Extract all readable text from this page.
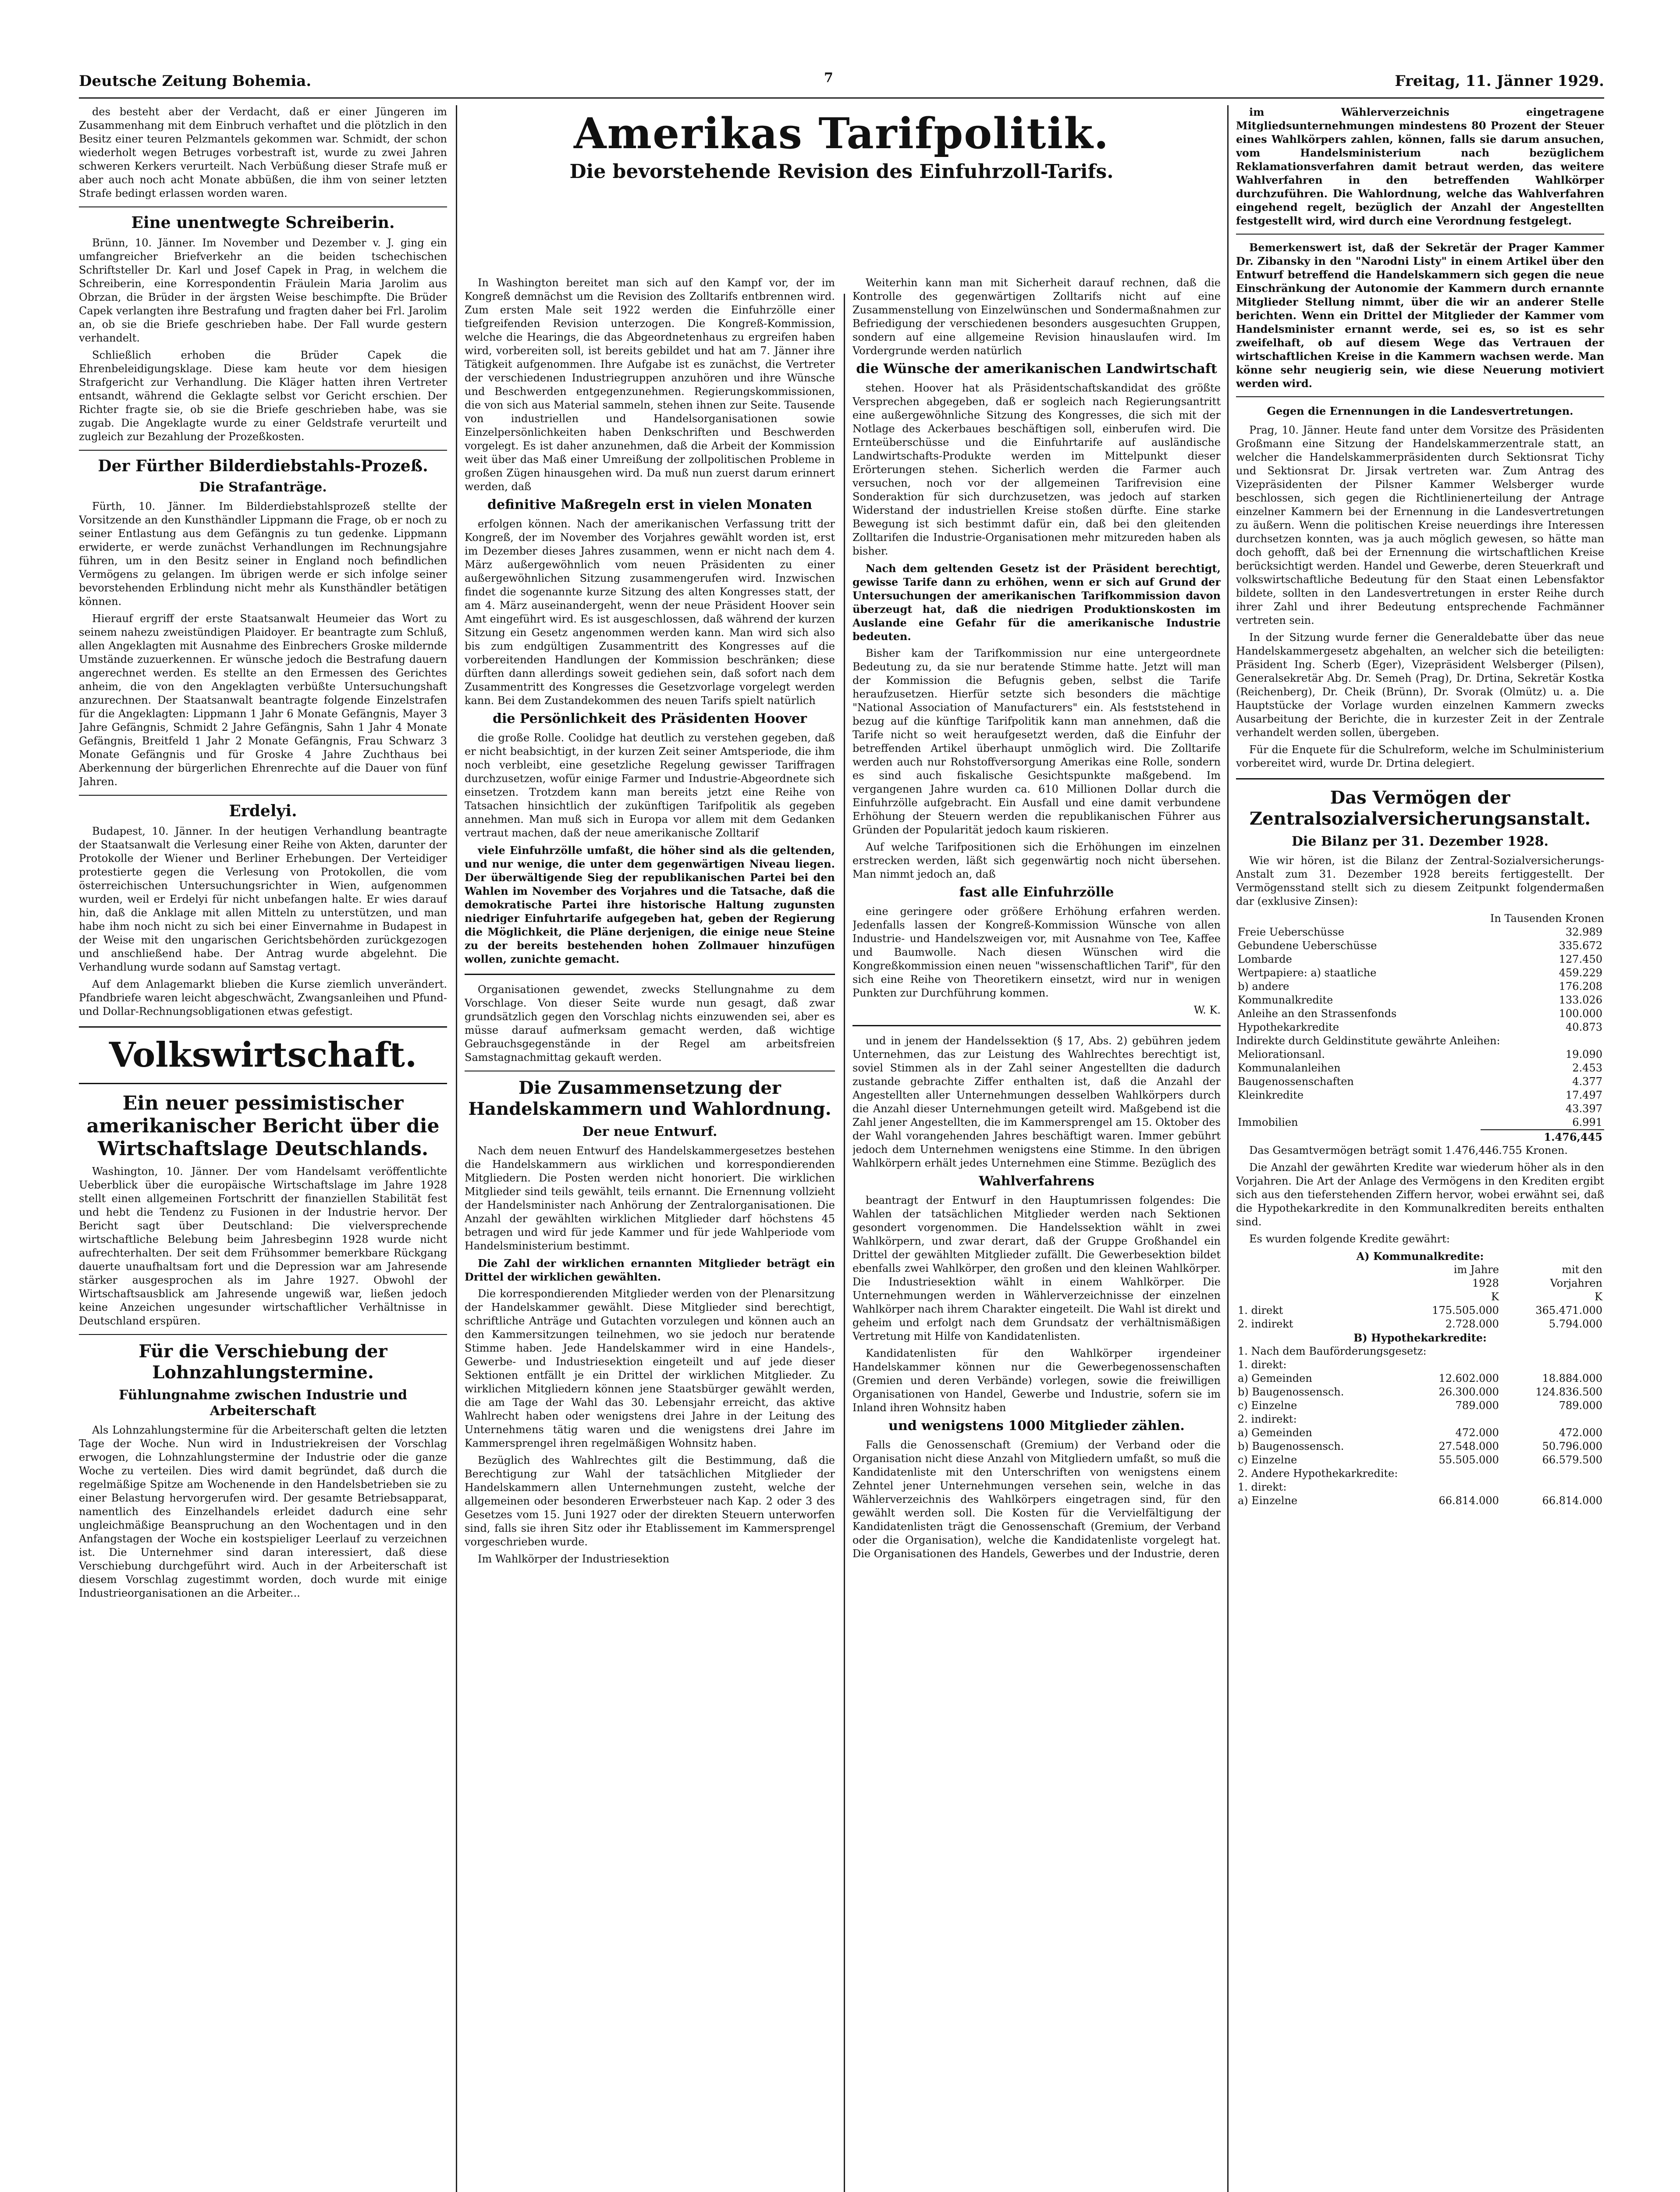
Deutsche Zeitung Bohemia.	7	Freitag, 11. Jänner 1929.

des besteht aber der Verdacht, daß er einer Jüngeren im Zusammenhang mit dem Einbruch verhaftet und die plötzlich in den Besitz einer teuren Pelzmantels gekommen war. Schmidt, der schon wiederholt wegen Betruges vorbestraft ist, wurde zu zwei Jahren schweren Kerkers verurteilt. Nach Verbüßung dieser Strafe muß er aber auch noch acht Monate abbüßen, die ihm von seiner letzten Strafe bedingt erlassen worden waren.

Eine unentwegte Schreiberin.

Brünn, 10. Jänner. Im November und Dezember v. J. ging ein umfangreicher Briefverkehr an die beiden tschechischen Schriftsteller Dr. Karl und Josef Capek in Prag, in welchem die Schreiberin, eine Korrespondentin Fräulein Maria Jarolim aus Obrzan, die Brüder in der ärgsten Weise beschimpfte. Die Brüder Capek verlangten ihre Bestrafung und fragten daher bei Frl. Jarolim an, ob sie die Briefe geschrieben habe. Der Fall wurde gestern verhandelt.

Schließlich erhoben die Brüder Capek die Ehrenbeleidigungsklage. Diese kam heute vor dem hiesigen Strafgericht zur Verhandlung. Die Kläger hatten ihren Vertreter entsandt, während die Geklagte selbst vor Gericht erschien. Der Richter fragte sie, ob sie die Briefe geschrieben habe, was sie zugab. Die Angeklagte wurde zu einer Geldstrafe verurteilt und zugleich zur Bezahlung der Prozeßkosten.

Der Fürther Bilderdiebstahls-Prozeß.
Die Strafanträge.

Fürth, 10. Jänner. Im Bilderdiebstahlsprozeß stellte der Vorsitzende an den Kunsthändler Lippmann die Frage, ob er noch zu seiner Entlastung aus dem Gefängnis zu tun gedenke. Lippmann erwiderte, er werde zunächst Verhandlungen im Rechnungsjahre führen, um in den Besitz seiner in England noch befindlichen Vermögens zu gelangen. Im übrigen werde er sich infolge seiner bevorstehenden Erblindung nicht mehr als Kunsthändler betätigen können.

Hierauf ergriff der erste Staatsanwalt Heumeier das Wort zu seinem nahezu zweistündigen Plaidoyer. Er beantragte zum Schluß, allen Angeklagten mit Ausnahme des Einbrechers Groske mildernde Umstände zuzuerkennen. Er wünsche jedoch die Bestrafung dauern angerechnet werden. Es stellte an den Ermessen des Gerichtes anheim, die von den Angeklagten verbüßte Untersuchungshaft anzurechnen. Der Staatsanwalt beantragte folgende Einzelstrafen für die Angeklagten: Lippmann 1 Jahr 6 Monate Gefängnis, Mayer 3 Jahre Gefängnis, Schmidt 2 Jahre Gefängnis, Sahn 1 Jahr 4 Monate Gefängnis, Breitfeld 1 Jahr 2 Monate Gefängnis, Frau Schwarz 3 Monate Gefängnis und für Groske 4 Jahre Zuchthaus bei Aberkennung der bürgerlichen Ehrenrechte auf die Dauer von fünf Jahren.

Erdelyi.

Budapest, 10. Jänner. In der heutigen Verhandlung beantragte der Staatsanwalt die Verlesung einer Reihe von Akten, darunter der Protokolle der Wiener und Berliner Erhebungen. Der Verteidiger protestierte gegen die Verlesung von Protokollen, die vom österreichischen Untersuchungsrichter in Wien, aufgenommen wurden, weil er Erdelyi für nicht unbefangen halte. Er wies darauf hin, daß die Anklage mit allen Mitteln zu unterstützen, und man habe ihm noch nicht zu sich bei einer Einvernahme in Budapest in der Weise mit den ungarischen Gerichtsbehörden zurückgezogen und anschließend habe. Der Antrag wurde abgelehnt. Die Verhandlung wurde sodann auf Samstag vertagt.

Auf dem Anlagemarkt blieben die Kurse ziemlich unverändert. Pfandbriefe waren leicht abgeschwächt, Zwangsanleihen und Pfund- und Dollar-Rechnungsobligationen etwas gefestigt.

Volkswirtschaft.
Ein neuer pessimistischer amerikanischer Bericht über die Wirtschaftslage Deutschlands.

Washington, 10. Jänner. Der vom Handelsamt veröffentlichte Ueberblick über die europäische Wirtschaftslage im Jahre 1928 stellt einen allgemeinen Fortschritt der finanziellen Stabilität fest und hebt die Tendenz zu Fusionen in der Industrie hervor. Der Bericht sagt über Deutschland: Die vielversprechende wirtschaftliche Belebung beim Jahresbeginn 1928 wurde nicht aufrechterhalten. Der seit dem Frühsommer bemerkbare Rückgang dauerte unaufhaltsam fort und die Depression war am Jahresende stärker ausgesprochen als im Jahre 1927. Obwohl der Wirtschaftsausblick am Jahresende ungewiß war, ließen jedoch keine Anzeichen ungesunder wirtschaftlicher Verhältnisse in Deutschland erspüren.

Für die Verschiebung der Lohnzahlungstermine.
Fühlungnahme zwischen Industrie und Arbeiterschaft

Als Lohnzahlungstermine für die Arbeiterschaft gelten die letzten Tage der Woche. Nun wird in Industriekreisen der Vorschlag erwogen, die Lohnzahlungstermine der Industrie oder die ganze Woche zu verteilen. Dies wird damit begründet, daß durch die regelmäßige Spitze am Wochenende in den Handelsbetrieben sie zu einer Belastung hervorgerufen wird. Der gesamte Betriebsapparat, namentlich des Einzelhandels erleidet dadurch eine sehr ungleichmäßige Beanspruchung an den Wochentagen und in den Anfangstagen der Woche ein kostspieliger Leerlauf zu verzeichnen ist. Die Unternehmer sind daran interessiert, daß diese Verschiebung durchgeführt wird. Auch in der Arbeiterschaft ist diesem Vorschlag zugestimmt worden, doch wurde mit einige Industrieorganisationen an die Arbeiter...

Amerikas Tarifpolitik.
Die bevorstehende Revision des Einfuhrzoll-Tarifs.

In Washington bereitet man sich auf den Kampf vor, der im Kongreß demnächst um die Revision des Zolltarifs entbrennen wird. Zum ersten Male seit 1922 werden die Einfuhrzölle einer tiefgreifenden Revision unterzogen. Die Kongreß-Kommission, welche die Hearings, die das Abgeordnetenhaus zu ergreifen haben wird, vorbereiten soll, ist bereits gebildet und hat am 7. Jänner ihre Tätigkeit aufgenommen. Ihre Aufgabe ist es zunächst, die Vertreter der verschiedenen Industriegruppen anzuhören und ihre Wünsche und Beschwerden entgegenzunehmen. Regierungskommissionen, die von sich aus Material sammeln, stehen ihnen zur Seite. Tausende von industriellen und Handelsorganisationen sowie Einzelpersönlichkeiten haben Denkschriften und Beschwerden vorgelegt. Es ist daher anzunehmen, daß die Arbeit der Kommission weit über das Maß einer Umreißung der zollpolitischen Probleme in großen Zügen hinausgehen wird. Da muß nun zuerst darum erinnert werden, daß

definitive Maßregeln erst in vielen Monaten

erfolgen können. Nach der amerikanischen Verfassung tritt der Kongreß, der im November des Vorjahres gewählt worden ist, erst im Dezember dieses Jahres zusammen, wenn er nicht nach dem 4. März außergewöhnlich vom neuen Präsidenten zu einer außergewöhnlichen Sitzung zusammengerufen wird. Inzwischen findet die sogenannte kurze Sitzung des alten Kongresses statt, der am 4. März auseinandergeht, wenn der neue Präsident Hoover sein Amt eingeführt wird. Es ist ausgeschlossen, daß während der kurzen Sitzung ein Gesetz angenommen werden kann. Man wird sich also bis zum endgültigen Zusammentritt des Kongresses auf die vorbereitenden Handlungen der Kommission beschränken; diese dürften dann allerdings soweit gediehen sein, daß sofort nach dem Zusammentritt des Kongresses die Gesetzvorlage vorgelegt werden kann. Bei dem Zustandekommen des neuen Tarifs spielt natürlich

die Persönlichkeit des Präsidenten Hoover

die große Rolle. Coolidge hat deutlich zu verstehen gegeben, daß er nicht beabsichtigt, in der kurzen Zeit seiner Amtsperiode, die ihm noch verbleibt, eine gesetzliche Regelung gewisser Tariffragen durchzusetzen, wofür einige Farmer und Industrie-Abgeordnete sich einsetzen. Trotzdem kann man bereits jetzt eine Reihe von Tatsachen hinsichtlich der zukünftigen Tarifpolitik als gegeben annehmen. Man muß sich in Europa vor allem mit dem Gedanken vertraut machen, daß der neue amerikanische Zolltarif

viele Einfuhrzölle umfaßt, die höher sind als die geltenden, und nur wenige, die unter dem gegenwärtigen Niveau liegen. Der überwältigende Sieg der republikanischen Partei bei den Wahlen im November des Vorjahres und die Tatsache, daß die demokratische Partei ihre historische Haltung zugunsten niedriger Einfuhrtarife aufgegeben hat, geben der Regierung die Möglichkeit, die Pläne derjenigen, die einige neue Steine zu der bereits bestehenden hohen Zollmauer hinzufügen wollen, zunichte gemacht.

Organisationen gewendet, zwecks Stellungnahme zu dem Vorschlage. Von dieser Seite wurde nun gesagt, daß zwar grundsätzlich gegen den Vorschlag nichts einzuwenden sei, aber es müsse darauf aufmerksam gemacht werden, daß wichtige Gebrauchsgegenstände in der Regel am arbeitsfreien Samstagnachmittag gekauft werden.

Die Zusammensetzung der Handelskammern und Wahlordnung.
Der neue Entwurf.

Nach dem neuen Entwurf des Handelskammergesetzes bestehen die Handelskammern aus wirklichen und korrespondierenden Mitgliedern. Die Posten werden nicht honoriert. Die wirklichen Mitglieder sind teils gewählt, teils ernannt. Die Ernennung vollzieht der Handelsminister nach Anhörung der Zentralorganisationen. Die Anzahl der gewählten wirklichen Mitglieder darf höchstens 45 betragen und wird für jede Kammer und für jede Wahlperiode vom Handelsministerium bestimmt.

Die Zahl der wirklichen ernannten Mitglieder beträgt ein Drittel der wirklichen gewählten.

Die korrespondierenden Mitglieder werden von der Plenarsitzung der Handelskammer gewählt. Diese Mitglieder sind berechtigt, schriftliche Anträge und Gutachten vorzulegen und können auch an den Kammersitzungen teilnehmen, wo sie jedoch nur beratende Stimme haben. Jede Handelskammer wird in eine Handels-, Gewerbe- und Industriesektion eingeteilt und auf jede dieser Sektionen entfällt je ein Drittel der wirklichen Mitglieder. Zu wirklichen Mitgliedern können jene Staatsbürger gewählt werden, die am Tage der Wahl das 30. Lebensjahr erreicht, das aktive Wahlrecht haben oder wenigstens drei Jahre in der Leitung des Unternehmens tätig waren und die wenigstens drei Jahre im Kammersprengel ihren regelmäßigen Wohnsitz haben.

Bezüglich des Wahlrechtes gilt die Bestimmung, daß die Berechtigung zur Wahl der tatsächlichen Mitglieder der Handelskammern allen Unternehmungen zusteht, welche der allgemeinen oder besonderen Erwerbsteuer nach Kap. 2 oder 3 des Gesetzes vom 15. Juni 1927 oder der direkten Steuern unterworfen sind, falls sie ihren Sitz oder ihr Etablissement im Kammersprengel vorgeschrieben wurde.

Im Wahlkörper der Industriesektion

Weiterhin kann man mit Sicherheit darauf rechnen, daß die Kontrolle des gegenwärtigen Zolltarifs nicht auf eine Zusammenstellung von Einzelwünschen und Sondermaßnahmen zur Befriedigung der verschiedenen besonders ausgesuchten Gruppen, sondern auf eine allgemeine Revision hinauslaufen wird. Im Vordergrunde werden natürlich

die Wünsche der amerikanischen Landwirtschaft

stehen. Hoover hat als Präsidentschaftskandidat des größte Versprechen abgegeben, daß er sogleich nach Regierungsantritt eine außergewöhnliche Sitzung des Kongresses, die sich mit der Notlage des Ackerbaues beschäftigen soll, einberufen wird. Die Ernteüberschüsse und die Einfuhrtarife auf ausländische Landwirtschafts-Produkte werden im Mittelpunkt dieser Erörterungen stehen. Sicherlich werden die Farmer auch versuchen, noch vor der allgemeinen Tarifrevision eine Sonderaktion für sich durchzusetzen, was jedoch auf starken Widerstand der industriellen Kreise stoßen dürfte. Eine starke Bewegung ist sich bestimmt dafür ein, daß bei den gleitenden Zolltarifen die Industrie-Organisationen mehr mitzureden haben als bisher.

Nach dem geltenden Gesetz ist der Präsident berechtigt, gewisse Tarife dann zu erhöhen, wenn er sich auf Grund der Untersuchungen der amerikanischen Tarifkommission davon überzeugt hat, daß die niedrigen Produktionskosten im Auslande eine Gefahr für die amerikanische Industrie bedeuten.

Bisher kam der Tarifkommission nur eine untergeordnete Bedeutung zu, da sie nur beratende Stimme hatte. Jetzt will man der Kommission die Befugnis geben, selbst die Tarife heraufzusetzen. Hierfür setzte sich besonders die mächtige "National Association of Manufacturers" ein. Als festststehend in bezug auf die künftige Tarifpolitik kann man annehmen, daß die Tarife nicht so weit heraufgesetzt werden, daß die Einfuhr der betreffenden Artikel überhaupt unmöglich wird. Die Zolltarife werden auch nur Rohstoffversorgung Amerikas eine Rolle, sondern es sind auch fiskalische Gesichtspunkte maßgebend. Im vergangenen Jahre wurden ca. 610 Millionen Dollar durch die Einfuhrzölle aufgebracht. Ein Ausfall und eine damit verbundene Erhöhung der Steuern werden die republikanischen Führer aus Gründen der Popularität jedoch kaum riskieren.

Auf welche Tarifpositionen sich die Erhöhungen im einzelnen erstrecken werden, läßt sich gegenwärtig noch nicht übersehen. Man nimmt jedoch an, daß

fast alle Einfuhrzölle

eine geringere oder größere Erhöhung erfahren werden. Jedenfalls lassen der Kongreß-Kommission Wünsche von allen Industrie- und Handelszweigen vor, mit Ausnahme von Tee, Kaffee und Baumwolle. Nach diesen Wünschen wird die Kongreßkommission einen neuen "wissenschaftlichen Tarif", für den sich eine Reihe von Theoretikern einsetzt, wird nur in wenigen Punkten zur Durchführung kommen.

W. K.

und in jenem der Handelssektion (§ 17, Abs. 2) gebühren jedem Unternehmen, das zur Leistung des Wahlrechtes berechtigt ist, soviel Stimmen als in der Zahl seiner Angestellten die dadurch zustande gebrachte Ziffer enthalten ist, daß die Anzahl der Angestellten aller Unternehmungen desselben Wahlkörpers durch die Anzahl dieser Unternehmungen geteilt wird. Maßgebend ist die Zahl jener Angestellten, die im Kammersprengel am 15. Oktober des der Wahl vorangehenden Jahres beschäftigt waren. Immer gebührt jedoch dem Unternehmen wenigstens eine Stimme. In den übrigen Wahlkörpern erhält jedes Unternehmen eine Stimme. Bezüglich des

Wahlverfahrens

beantragt der Entwurf in den Hauptumrissen folgendes: Die Wahlen der tatsächlichen Mitglieder werden nach Sektionen gesondert vorgenommen. Die Handelssektion wählt in zwei Wahlkörpern, und zwar derart, daß der Gruppe Großhandel ein Drittel der gewählten Mitglieder zufällt. Die Gewerbesektion bildet ebenfalls zwei Wahlkörper, den großen und den kleinen Wahlkörper. Die Industriesektion wählt in einem Wahlkörper. Die Unternehmungen werden in Wählerverzeichnisse der einzelnen Wahlkörper nach ihrem Charakter eingeteilt. Die Wahl ist direkt und geheim und erfolgt nach dem Grundsatz der verhältnismäßigen Vertretung mit Hilfe von Kandidatenlisten.

Kandidatenlisten für den Wahlkörper irgendeiner Handelskammer können nur die Gewerbegenossenschaften (Gremien und deren Verbände) vorlegen, sowie die freiwilligen Organisationen von Handel, Gewerbe und Industrie, sofern sie im Inland ihren Wohnsitz haben

und wenigstens 1000 Mitglieder zählen.

Falls die Genossenschaft (Gremium) der Verband oder die Organisation nicht diese Anzahl von Mitgliedern umfaßt, so muß die Kandidatenliste mit den Unterschriften von wenigstens einem Zehntel jener Unternehmungen versehen sein, welche in das Wählerverzeichnis des Wahlkörpers eingetragen sind, für den gewählt werden soll. Die Kosten für die Vervielfältigung der Kandidatenlisten trägt die Genossenschaft (Gremium, der Verband oder die Organisation), welche die Kandidatenliste vorgelegt hat. Die Organisationen des Handels, Gewerbes und der Industrie, deren

im Wählerverzeichnis eingetragene Mitgliedsunternehmungen mindestens 80 Prozent der Steuer eines Wahlkörpers zahlen, können, falls sie darum ansuchen, vom Handelsministerium nach bezüglichem Reklamationsverfahren damit betraut werden, das weitere Wahlverfahren in den betreffenden Wahlkörper durchzuführen. Die Wahlordnung, welche das Wahlverfahren eingehend regelt, bezüglich der Anzahl der Angestellten festgestellt wird, wird durch eine Verordnung festgelegt.

Bemerkenswert ist, daß der Sekretär der Prager Kammer Dr. Zibansky in den "Narodni Listy" in einem Artikel über den Entwurf betreffend die Handelskammern sich gegen die neue Einschränkung der Autonomie der Kammern durch ernannte Mitglieder Stellung nimmt, über die wir an anderer Stelle berichten. Wenn ein Drittel der Mitglieder der Kammer vom Handelsminister ernannt werde, sei es, so ist es sehr zweifelhaft, ob auf diesem Wege das Vertrauen der wirtschaftlichen Kreise in die Kammern wachsen werde. Man könne sehr neugierig sein, wie diese Neuerung motiviert werden wird.

Gegen die Ernennungen in die Landesvertretungen.

Prag, 10. Jänner. Heute fand unter dem Vorsitze des Präsidenten Großmann eine Sitzung der Handelskammerzentrale statt, an welcher die Handelskammerpräsidenten durch Sektionsrat Tichy und Sektionsrat Dr. Jirsak vertreten war. Zum Antrag des Vizepräsidenten der Pilsner Kammer Welsberger wurde beschlossen, sich gegen die Richtlinienerteilung der Antrage einzelner Kammern bei der Ernennung in die Landesvertretungen zu äußern. Wenn die politischen Kreise neuerdings ihre Interessen durchsetzen konnten, was ja auch möglich gewesen, so hätte man doch gehofft, daß bei der Ernennung die wirtschaftlichen Kreise berücksichtigt werden. Handel und Gewerbe, deren Steuerkraft und volkswirtschaftliche Bedeutung für den Staat einen Lebensfaktor bildete, sollten in den Landesvertretungen in erster Reihe durch ihrer Zahl und ihrer Bedeutung entsprechende Fachmänner vertreten sein.

In der Sitzung wurde ferner die Generaldebatte über das neue Handelskammergesetz abgehalten, an welcher sich die beteiligten: Präsident Ing. Scherb (Eger), Vizepräsident Welsberger (Pilsen), Generalsekretär Abg. Dr. Semeh (Prag), Dr. Drtina, Sekretär Kostka (Reichenberg), Dr. Cheik (Brünn), Dr. Svorak (Olmütz) u. a. Die Hauptstücke der Vorlage wurden einzelnen Kammern zwecks Ausarbeitung der Berichte, die in kurzester Zeit in der Zentrale verhandelt werden sollen, übergeben.

Für die Enquete für die Schulreform, welche im Schulministerium vorbereitet wird, wurde Dr. Drtina delegiert.

Das Vermögen der Zentralsozialversicherungsanstalt.
Die Bilanz per 31. Dezember 1928.

Wie wir hören, ist die Bilanz der Zentral-Sozialversicherungs-Anstalt zum 31. Dezember 1928 bereits fertiggestellt. Der Vermögensstand stellt sich zu diesem Zeitpunkt folgendermaßen dar (exklusive Zinsen):

In Tausenden Kronen
Freie Ueberschüsse		32.989
Gebundene Ueberschüsse		335.672
Lombarde		127.450
Wertpapiere: a) staatliche		459.229
b) andere		176.208
Kommunalkredite		133.026
Anleihe an den Strassenfonds		100.000
Hypothekarkredite		40.873
Indirekte durch Geldinstitute gewährte Anleihen:
Meliorationsanl.		19.090
Kommunalanleihen		2.453
Baugenossenschaften		4.377
Kleinkredite		17.497
		43.397
Immobilien		6.991
		1.476,445

Das Gesamtvermögen beträgt somit 1.476,446.755 Kronen.

Die Anzahl der gewährten Kredite war wiederum höher als in den Vorjahren. Die Art der Anlage des Vermögens in den Krediten ergibt sich aus den tieferstehenden Ziffern hervor, wobei erwähnt sei, daß die Hypothekarkredite in den Kommunalkrediten bereits enthalten sind.

Es wurden folgende Kredite gewährt:

A) Kommunalkredite:
	im Jahre	mit den
	1928	Vorjahren
	K	K
1. direkt	175.505.000	365.471.000
2. indirekt	2.728.000	5.794.000
B) Hypothekarkredite:		
1. Nach dem Bauförderungsgesetz:		
1. direkt:		
a) Gemeinden	12.602.000	18.884.000
b) Baugenossensch.	26.300.000	124.836.500
c) Einzelne	789.000	789.000
2. indirekt:		
a) Gemeinden	472.000	472.000
b) Baugenossensch.	27.548.000	50.796.000
c) Einzelne	55.505.000	66.579.500
2. Andere Hypothekarkredite:		
1. direkt:		
a) Einzelne	66.814.000	66.814.000
